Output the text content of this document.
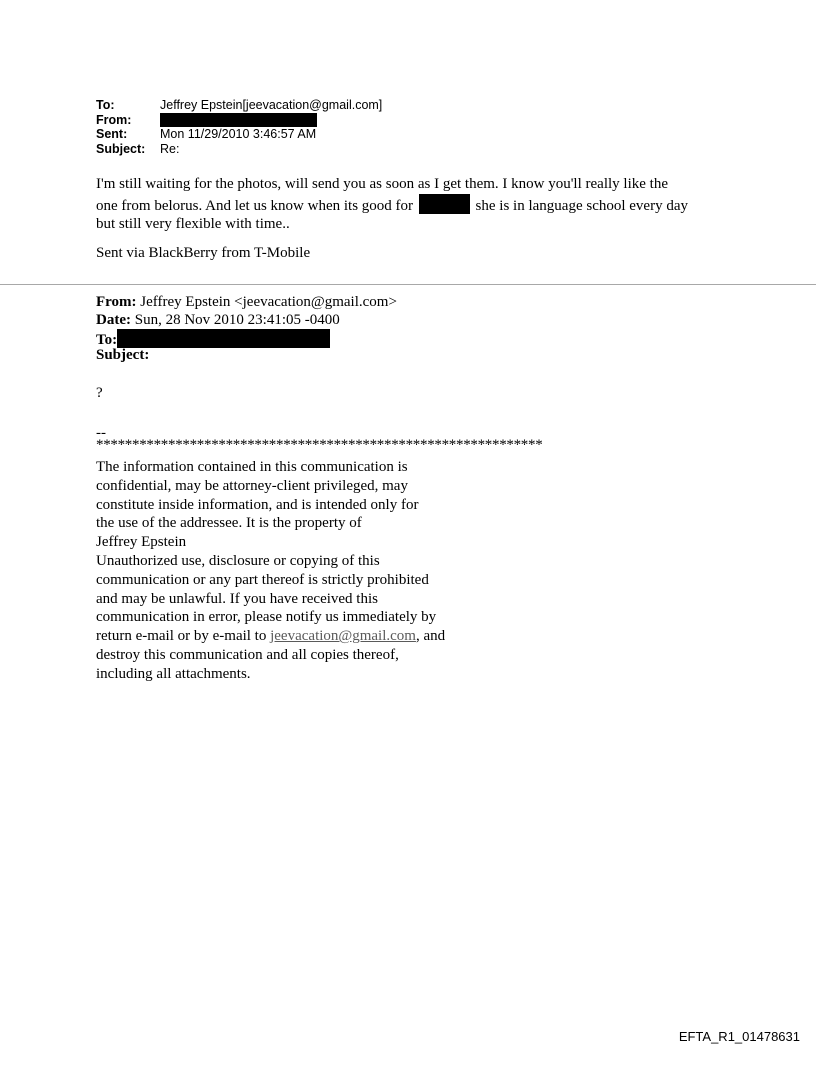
To:	Jeffrey Epstein[jeevacation@gmail.com]
From:
Sent:	Mon 11/29/2010 3:46:57 AM
Subject:	Re:

I'm still waiting for the photos, will send you as soon as I get them. I know you'll really like the

one from belorus. And let us know when its good for	she is in language school every day

but still very flexible with time..

Sent via BlackBerry from T-Mobile
From: Jeffrey Epstein <jeevacation@gmail.com>
Date: Sun, 28 Nov 2010 23:41:05 -0400
To:
Subject:
?
--
**************************************************************
The information contained in this communication is
confidential, may be attorney-client privileged, may
constitute inside information, and is intended only for
the use of the addressee. It is the property of
Jeffrey Epstein
Unauthorized use, disclosure or copying of this
communication or any part thereof is strictly prohibited
and may be unlawful. If you have received this
communication in error, please notify us immediately by
return e-mail or by e-mail to jeevacation@gmail.com, and
destroy this communication and all copies thereof,
including all attachments.
EFTA_R1_01478631
